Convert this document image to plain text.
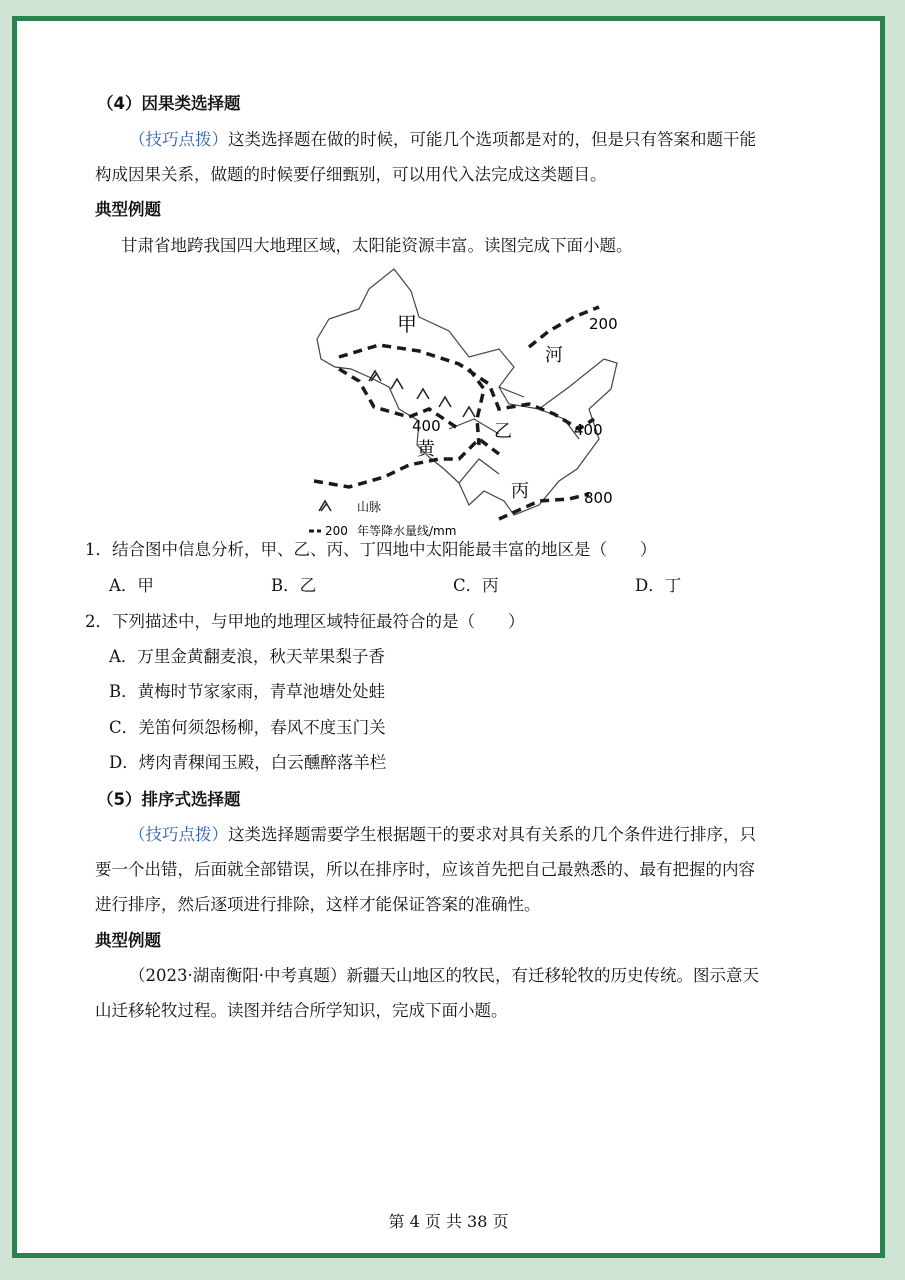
（4）因果类选择题
（技巧点拨）这类选择题在做的时候，可能几个选项都是对的，但是只有答案和题干能
构成因果关系，做题的时候要仔细甄别，可以用代入法完成这类题目。
典型例题
甘肃省地跨我国四大地理区域，太阳能资源丰富。读图完成下面小题。
甲
乙
丙
黄
河
200
400	400
800
山脉
200 年等降水量线/mm
1．结合图中信息分析，甲、乙、丙、丁四地中太阳能最丰富的地区是（　　）
A．甲	B．乙	C．丙	D．丁
2．下列描述中，与甲地的地理区域特征最符合的是（　　）
A．万里金黄翻麦浪，秋天苹果梨子香
B．黄梅时节家家雨，青草池塘处处蛙
C．羌笛何须怨杨柳，春风不度玉门关
D．烤肉青稞闻玉殿，白云醺醉落羊栏
（5）排序式选择题
（技巧点拨）这类选择题需要学生根据题干的要求对具有关系的几个条件进行排序，只
要一个出错，后面就全部错误，所以在排序时，应该首先把自己最熟悉的、最有把握的内容
进行排序，然后逐项进行排除，这样才能保证答案的准确性。
典型例题
（2023·湖南衡阳·中考真题）新疆天山地区的牧民，有迁移轮牧的历史传统。图示意天
山迁移轮牧过程。读图并结合所学知识，完成下面小题。
第 4 页 共 38 页
